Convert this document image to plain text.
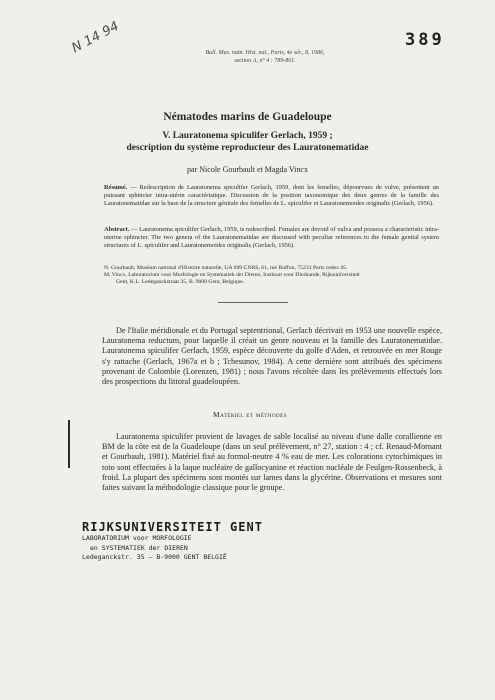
N 14 94	389
Bull. Mus. natn. Hist. nat., Paris, 4e sér., 8, 1986,
section A, n° 4 : 789-801.
Nématodes marins de Guadeloupe
V. Lauratonema spiculifer Gerlach, 1959 ;
description du système reproducteur des Lauratonematidae
par Nicole Gourbault et Magda Vincx

Résumé. — Redescription de Lauratonema spiculifer Gerlach, 1959, dont les femelles, dépourvues de vulve, présentent un puissant sphincter intra-utérin caractéristique. Discussion de la position taxonomique des deux genres de la famille des Lauratonematidae sur la base de la structure génitale des femelles de L. spiculifer et Lauratonemoides originalis (Gerlach, 1956).

Abstract. — Lauratonema spiculifer Gerlach, 1959, is redescribed. Females are devoid of vulva and possess a characteristic intra-uterine sphincter. The two genera of the Lauratonematidae are discussed with peculiar references to the female genital system structures of L. spiculifer and Lauratonemoides originalis (Gerlach, 1956).

N. Gourbault, Muséum national d'Histoire naturelle, UA 699 CNRS, 61, rue Buffon, 75231 Paris cedex 05.

M. Vincx, Laboratorium voor Morfologie en Systematiek der Dieren, Instituut voor Dierkunde, Rijksuniversiteit

Gent, K.L. Ledeganckstraat 35, B. 9000 Gent, Belgique.

De l'Italie méridionale et du Portugal septentrional, Gerlach décrivait en 1953 une nouvelle espèce, Lauratonema reductum, pour laquelle il créait un genre nouveau et la famille des Lauratonematidae. Lauratonema spiculifer Gerlach, 1959, espèce découverte du golfe d'Aden, et retrouvée en mer Rouge s'y rattache (Gerlach, 1967a et b ; Tchesunov, 1984). A cette dernière sont attribués des spécimens provenant de Colombie (Lorenzen, 1981) ; nous l'avons récoltée dans les prélèvements effectués lors des prospections du littoral guadeloupéen.

Matériel et méthodes

Lauratonema spiculifer provient de lavages de sable localisé au niveau d'une dalle corallienne en BM de la côte est de la Guadeloupe (dans un seul prélèvement, n° 27, station : 4 ; cf. Renaud-Mornant et Gourbault, 1981). Matériel fixé au formol-neutre 4 % eau de mer. Les colorations cytochimiques in toto sont effectuées à la laque nucléaire de gallocyanine et réaction nucléale de Feulgen-Rossenbeck, à froid. La plupart des spécimens sont montés sur lames dans la glycérine. Observations et mesures sont faites suivant la méthodologie classique pour le groupe.

RIJKSUNIVERSITEIT GENT
LABORATORIUM voor MORFOLOGIE
en SYSTEMATIEK der DIEREN
Ledeganckstr. 35 – B-9000 GENT BELGIË
